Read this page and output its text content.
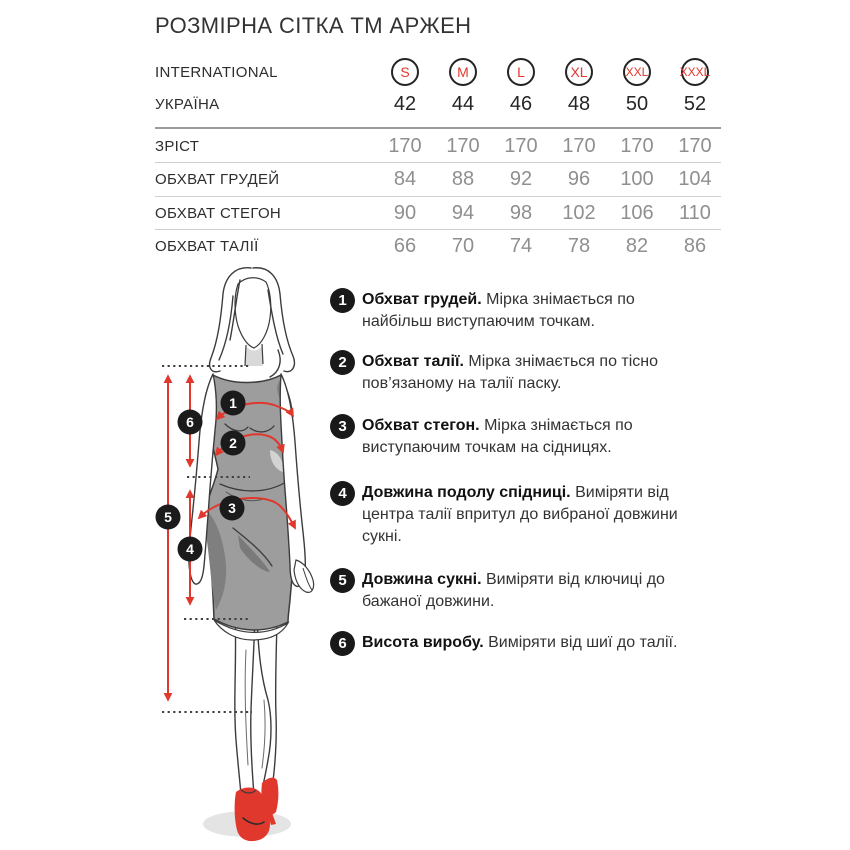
РОЗМІРНА СІТКА ТМ АРЖЕН
INTERNATIONAL	S	M	L	XL	XXL	XXXL
УКРАЇНА	42	44	46	48	50	52
ЗРІСТ	170	170	170	170	170	170
ОБХВАТ ГРУДЕЙ	84	88	92	96	100	104
ОБХВАТ СТЕГОН	90	94	98	102	106	110
ОБХВАТ ТАЛІЇ	66	70	74	78	82	86
1
2
3
4
5
6
1 Обхват грудей. Мірка знімається по найбільш виступаючим точкам.
2 Обхват талії. Мірка знімається по тісно пов’язаному на талії паску.
3 Обхват стегон. Мірка знімається по виступаючим точкам на сідницях.
4 Довжина подолу спідниці. Виміряти від центра талії впритул до вибраної довжини сукні.
5 Довжина сукні. Виміряти від ключиці до бажаної довжини.
6 Висота виробу. Виміряти від шиї до талії.
